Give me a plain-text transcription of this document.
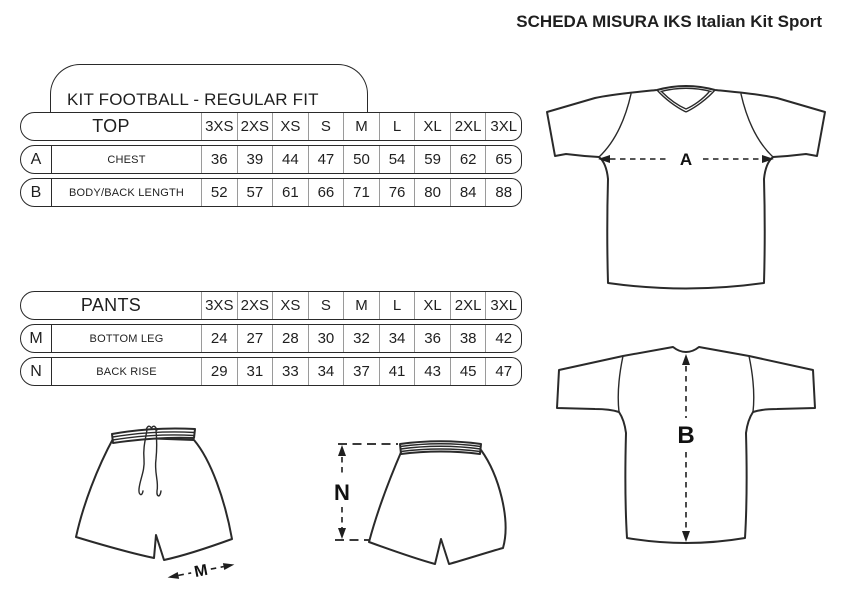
SCHEDA MISURA IKS Italian Kit Sport
KIT FOOTBALL - REGULAR FIT
TOP	3XS 2XS XS	S	M	L	XL 2XL 3XL
A	CHEST	36	39	44	47	50	54	59	62	65
B	BODY/BACK LENGTH	52	57	61	66	71	76	80	84	88
PANTS	3XS 2XS XS	S	M	L	XL 2XL 3XL
M	BOTTOM LEG	24	27	28	30	32	34	36	38	42
N	BACK RISE	29	31	33	34	37	41	43	45	47
A
B
M
N
